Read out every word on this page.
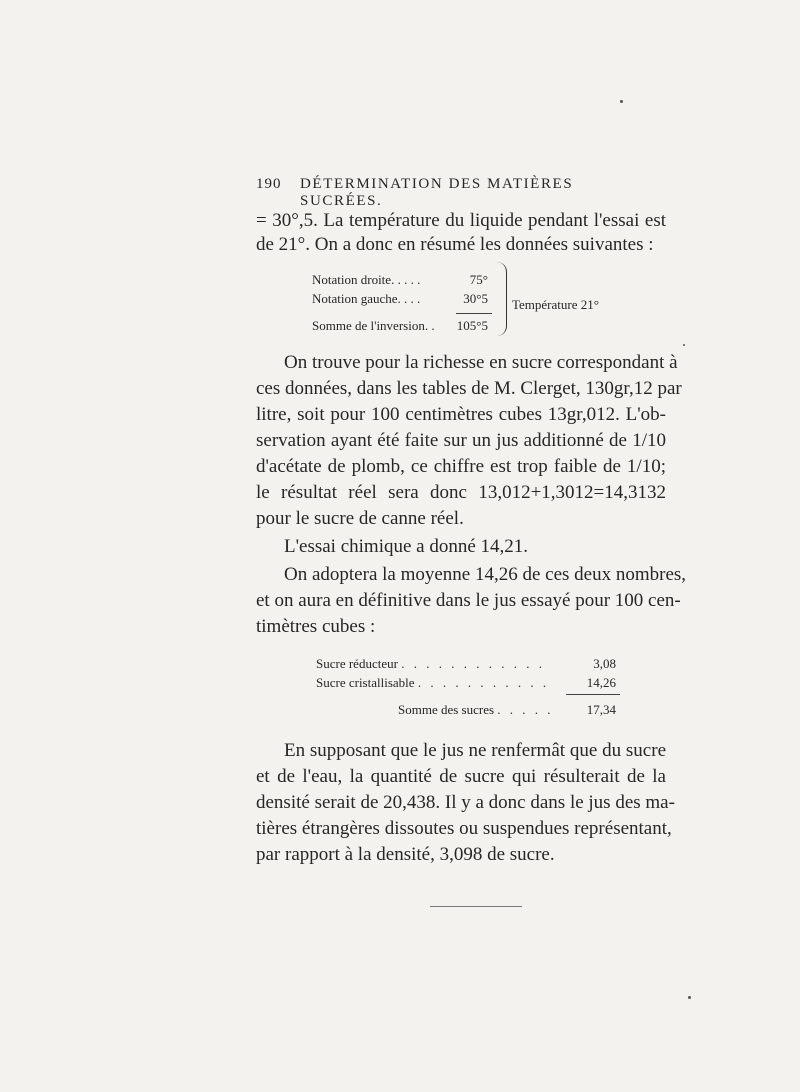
190 DÉTERMINATION DES MATIÈRES SUCRÉES.
= 30°,5. La température du liquide pendant l'essai est
de 21°. On a donc en résumé les données suivantes :
Notation droite. . . . .	75°
Notation gauche. . . .	30°5
Somme de l'inversion. .	105°5
Température 21°
On trouve pour la richesse en sucre correspondant à
ces données, dans les tables de M. Clerget, 130gr,12 par
litre, soit pour 100 centimètres cubes 13gr,012. L'ob-
servation ayant été faite sur un jus additionné de 1/10
d'acétate de plomb, ce chiffre est trop faible de 1/10;
le résultat réel sera donc 13,012+1,3012=14,3132
pour le sucre de canne réel.
L'essai chimique a donné 14,21.
On adoptera la moyenne 14,26 de ces deux nombres,
et on aura en définitive dans le jus essayé pour 100 cen-
timètres cubes :
Sucre réducteur . . . . . . . . . . . .	3,08
Sucre cristallisable . . . . . . . . . . .	14,26
Somme des sucres . . . . .	17,34
En supposant que le jus ne renfermât que du sucre
et de l'eau, la quantité de sucre qui résulterait de la
densité serait de 20,438. Il y a donc dans le jus des ma-
tières étrangères dissoutes ou suspendues représentant,
par rapport à la densité, 3,098 de sucre.
